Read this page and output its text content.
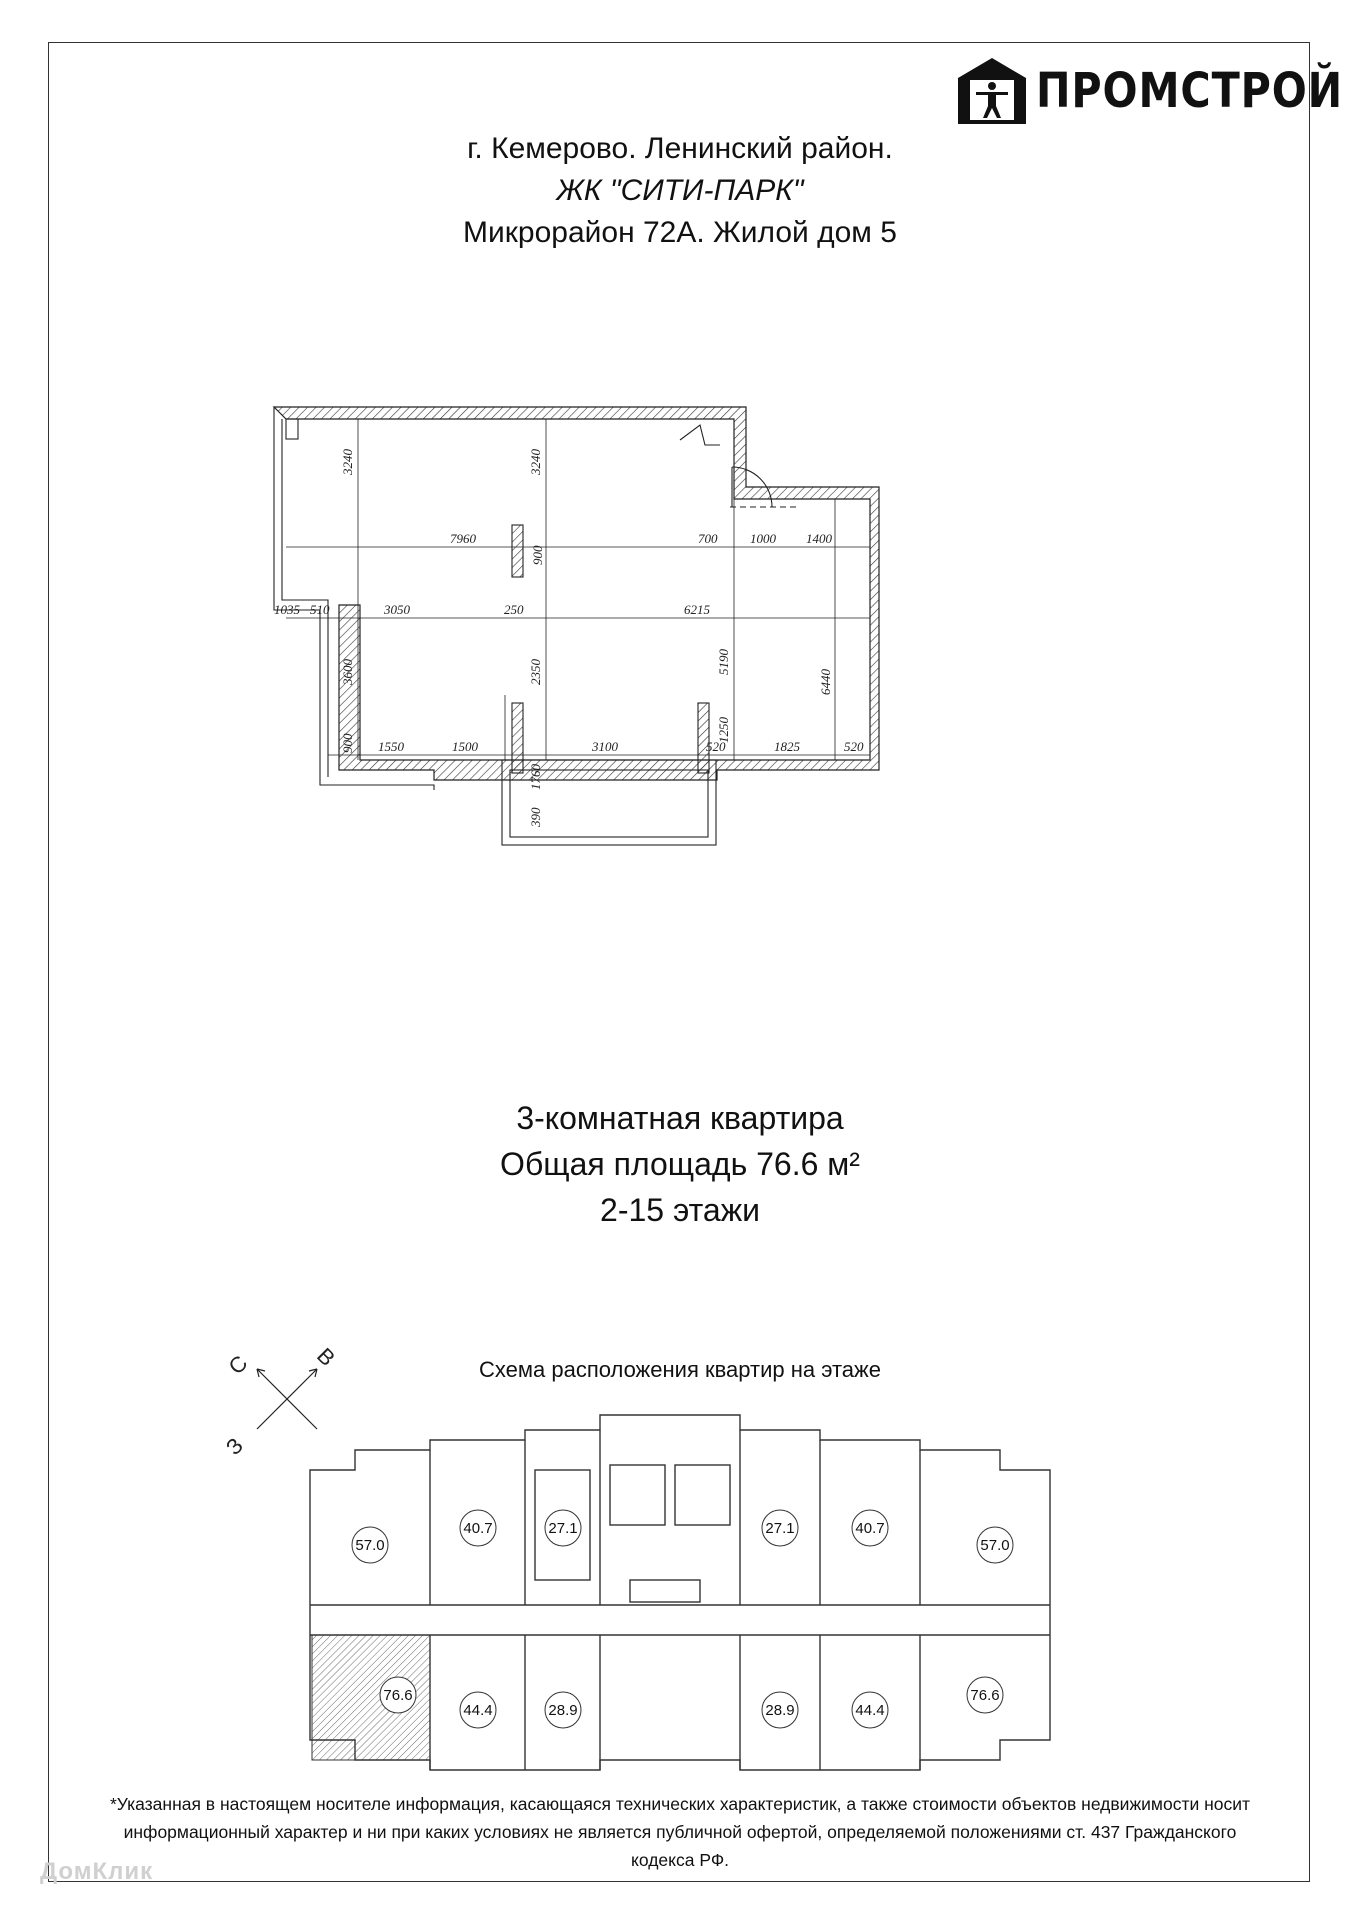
ПРОМСТРОЙ
г. Кемерово. Ленинский район.
ЖК "СИТИ-ПАРК"
Микрорайон 72А. Жилой дом 5
3240
7960
3240
700	1000 1400
1035 510	3050	250	6215
900
5190
6440
3600	2350
1250
900 1550	1500	3100	520	1825	520
1760
390
3-комнатная квартира
Общая площадь 76.6 м²
2-15 этажи
С	В
З
Схема расположения квартир на этаже
57.0
40.7	27.1	27.1	40.7
57.0
76.6
44.4	28.9	28.9	44.4
76.6
*Указанная в настоящем носителе информация, касающаяся технических характеристик, а также стоимости объектов недвижимости носит
информационный характер и ни при каких условиях не является публичной офертой, определяемой положениями ст. 437 Гражданского кодекса РФ.
ДомКлик
